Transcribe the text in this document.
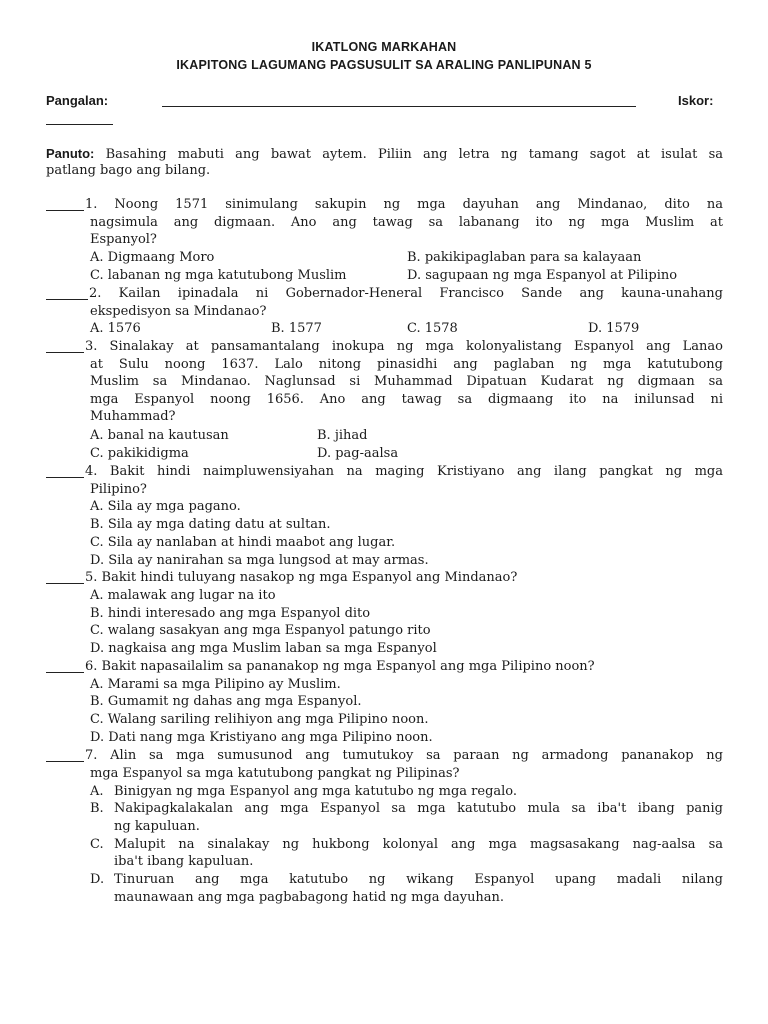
IKATLONG MARKAHAN
IKAPITONG LAGUMANG PAGSUSULIT SA ARALING PANLIPUNAN 5
Pangalan:	Iskor:
Panuto: Basahing mabuti ang bawat aytem. Piliin ang letra ng tamang sagot at isulat sa
patlang bago ang bilang.
1. Noong 1571 sinimulang sakupin ng mga dayuhan ang Mindanao, dito na
nagsimula ang digmaan. Ano ang tawag sa labanang ito ng mga Muslim at
Espanyol?
A. Digmaang Moro	B. pakikipaglaban para sa kalayaan
C. labanan ng mga katutubong Muslim	D. sagupaan ng mga Espanyol at Pilipino
2. Kailan ipinadala ni Gobernador-Heneral Francisco Sande ang kauna-unahang
ekspedisyon sa Mindanao?
A. 1576	B. 1577	C. 1578	D. 1579
3. Sinalakay at pansamantalang inokupa ng mga kolonyalistang Espanyol ang Lanao
at Sulu noong 1637. Lalo nitong pinasidhi ang paglaban ng mga katutubong
Muslim sa Mindanao. Naglunsad si Muhammad Dipatuan Kudarat ng digmaan sa
mga Espanyol noong 1656. Ano ang tawag sa digmaang ito na inilunsad ni
Muhammad?
A. banal na kautusan	B. jihad
C. pakikidigma	D. pag-aalsa
4. Bakit hindi naimpluwensiyahan na maging Kristiyano ang ilang pangkat ng mga
Pilipino?
A. Sila ay mga pagano.
B. Sila ay mga dating datu at sultan.
C. Sila ay nanlaban at hindi maabot ang lugar.
D. Sila ay nanirahan sa mga lungsod at may armas.
5. Bakit hindi tuluyang nasakop ng mga Espanyol ang Mindanao?
A. malawak ang lugar na ito
B. hindi interesado ang mga Espanyol dito
C. walang sasakyan ang mga Espanyol patungo rito
D. nagkaisa ang mga Muslim laban sa mga Espanyol
6. Bakit napasailalim sa pananakop ng mga Espanyol ang mga Pilipino noon?
A. Marami sa mga Pilipino ay Muslim.
B. Gumamit ng dahas ang mga Espanyol.
C. Walang sariling relihiyon ang mga Pilipino noon.
D. Dati nang mga Kristiyano ang mga Pilipino noon.
7. Alin sa mga sumusunod ang tumutukoy sa paraan ng armadong pananakop ng
mga Espanyol sa mga katutubong pangkat ng Pilipinas?
A. Binigyan ng mga Espanyol ang mga katutubo ng mga regalo.
B. Nakipagkalakalan ang mga Espanyol sa mga katutubo mula sa iba't ibang panig
ng kapuluan.
C. Malupit na sinalakay ng hukbong kolonyal ang mga magsasakang nag-aalsa sa
iba't ibang kapuluan.
D. Tinuruan ang mga katutubo ng wikang Espanyol upang madali nilang
maunawaan ang mga pagbabagong hatid ng mga dayuhan.
